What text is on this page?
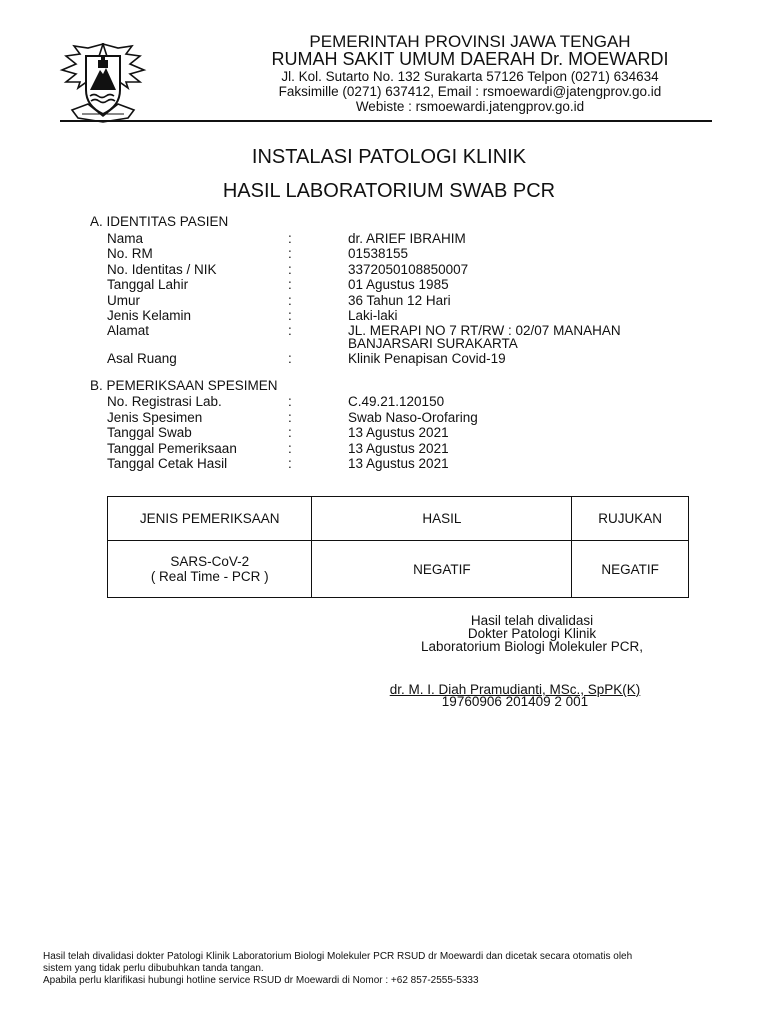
PEMERINTAH PROVINSI JAWA TENGAH
RUMAH SAKIT UMUM DAERAH Dr. MOEWARDI
Jl. Kol. Sutarto No. 132 Surakarta 57126 Telpon (0271) 634634
Faksimille (0271) 637412, Email : rsmoewardi@jatengprov.go.id
Webiste : rsmoewardi.jatengprov.go.id
INSTALASI PATOLOGI KLINIK
HASIL LABORATORIUM SWAB PCR
A. IDENTITAS PASIEN
Nama	:	dr. ARIEF IBRAHIM
No. RM	:	01538155
No. Identitas / NIK	:	3372050108850007
Tanggal Lahir	:	01 Agustus 1985
Umur	:	36 Tahun 12 Hari
Jenis Kelamin	:	Laki-laki
Alamat	:	JL. MERAPI NO 7 RT/RW : 02/07 MANAHAN
BANJARSARI SURAKARTA
Asal Ruang	:	Klinik Penapisan Covid-19
B. PEMERIKSAAN SPESIMEN
No. Registrasi Lab.	:	C.49.21.120150
Jenis Spesimen	:	Swab Naso-Orofaring
Tanggal Swab	:	13 Agustus 2021
Tanggal Pemeriksaan	:	13 Agustus 2021
Tanggal Cetak Hasil	:	13 Agustus 2021
JENIS PEMERIKSAAN	HASIL	RUJUKAN

SARS-CoV-2
( Real Time - PCR )	NEGATIF	NEGATIF
Hasil telah divalidasi
Dokter Patologi Klinik
Laboratorium Biologi Molekuler PCR,
dr. M. I. Diah Pramudianti, MSc., SpPK(K)
19760906 201409 2 001
Hasil telah divalidasi dokter Patologi Klinik Laboratorium Biologi Molekuler PCR RSUD dr Moewardi dan dicetak secara otomatis oleh
sistem yang tidak perlu dibubuhkan tanda tangan.
Apabila perlu klarifikasi hubungi hotline service RSUD dr Moewardi di Nomor : +62 857-2555-5333
